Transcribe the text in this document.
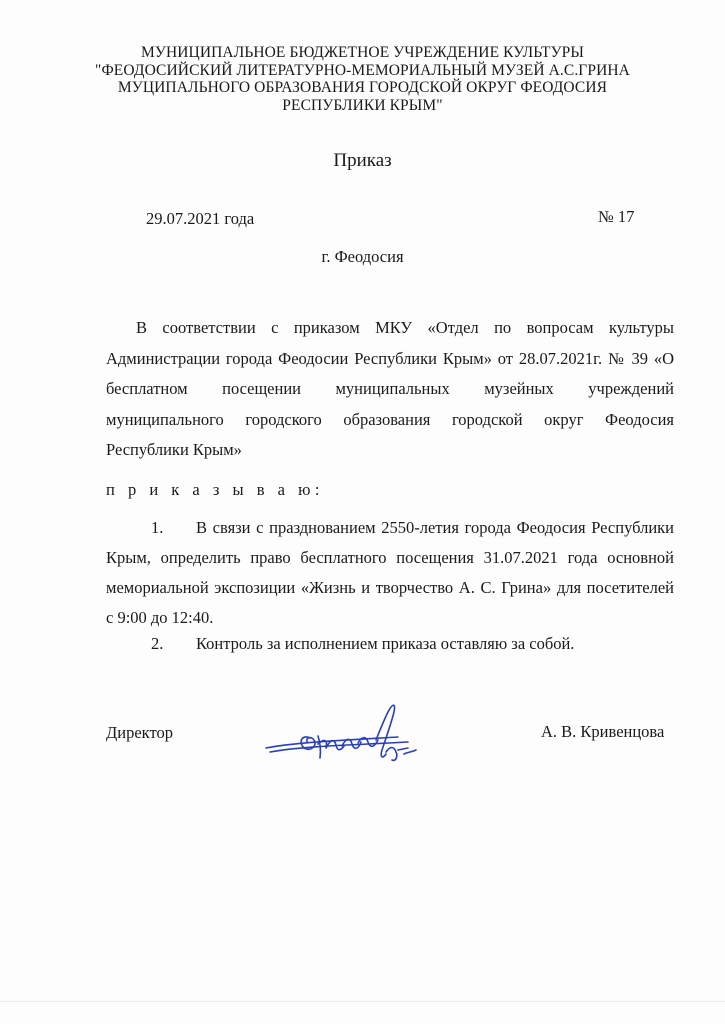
МУНИЦИПАЛЬНОЕ БЮДЖЕТНОЕ УЧРЕЖДЕНИЕ КУЛЬТУРЫ
"ФЕОДОСИЙСКИЙ ЛИТЕРАТУРНО-МЕМОРИАЛЬНЫЙ МУЗЕЙ А.С.ГРИНА
МУЦИПАЛЬНОГО ОБРАЗОВАНИЯ ГОРОДСКОЙ ОКРУГ ФЕОДОСИЯ
РЕСПУБЛИКИ КРЫМ"
Приказ
29.07.2021 года	№ 17
г. Феодосия
В соответствии с приказом МКУ «Отдел по вопросам культуры
Администрации города Феодосии Республики Крым» от 28.07.2021г. № 39 «О
бесплатном посещении муниципальных музейных учреждений
муниципального городского образования городской округ Феодосия
Республики Крым»
п р и к а з ы в а ю:
1.	В связи с празднованием 2550-летия города Феодосия Республики
Крым, определить право бесплатного посещения 31.07.2021 года основной
мемориальной экспозиции «Жизнь и творчество А. С. Грина» для посетителей
с 9:00 до 12:40.
2.	Контроль за исполнением приказа оставляю за собой.
Директор	А. В. Кривенцова
